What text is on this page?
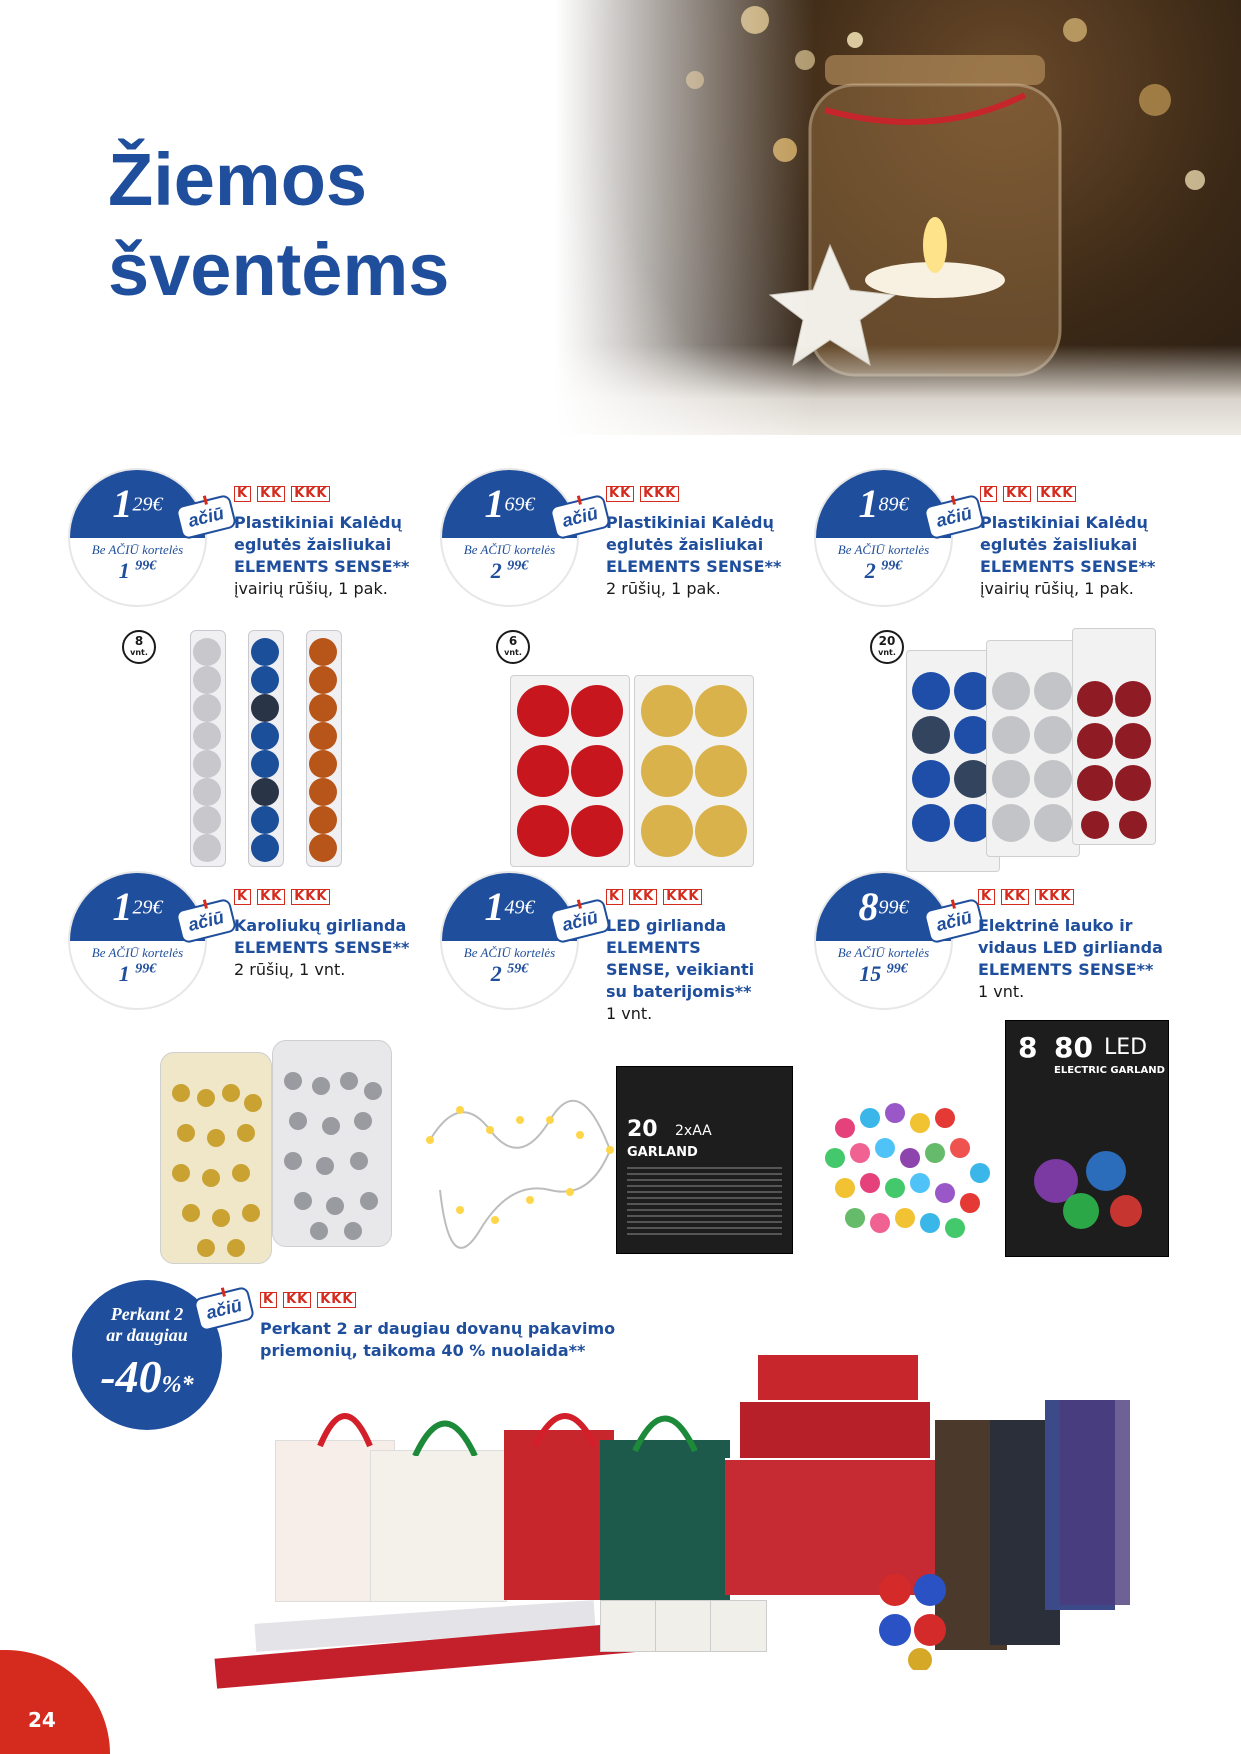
Žiemos
šventėms
$1^{29€}$
Be AČIŪ kortelės
1 $^{99€}$
ačiū
K KK KKK
Plastikiniai Kalėdų eglutės žaisliukai
ELEMENTS SENSE**
įvairių rūšių, 1 pak.
8
vnt.
$1^{69€}$
Be AČIŪ kortelės
2 $^{99€}$
ačiū
KK KKK
Plastikiniai Kalėdų eglutės žaisliukai
ELEMENTS SENSE**
2 rūšių, 1 pak.
6
vnt.
$1^{89€}$
Be AČIŪ kortelės
2 $^{99€}$
ačiū
K KK KKK
Plastikiniai Kalėdų eglutės žaisliukai
ELEMENTS SENSE**
įvairių rūšių, 1 pak.
20
vnt.
$1^{29€}$
Be AČIŪ kortelės
1 $^{99€}$
ačiū
K KK KKK
Karoliukų girlianda
ELEMENTS SENSE**
2 rūšių, 1 vnt.
$1^{49€}$
Be AČIŪ kortelės
2 $^{59€}$
ačiū
K KK KKK
LED girlianda ELEMENTS SENSE, veikianti su baterijomis**
1 vnt.
20 2xAA
GARLAND
$8^{99€}$
Be AČIŪ kortelės
15 $^{99€}$
ačiū
K KK KKK
Elektrinė lauko ir vidaus LED girlianda
ELEMENTS SENSE**
1 vnt.
8 80 LED
ELECTRIC GARLAND
Perkant 2
ar daugiau
-40%*
ačiū	K KK KKK
Perkant 2 ar daugiau dovanų pakavimo
priemonių, taikoma 40 % nuolaida**
24
